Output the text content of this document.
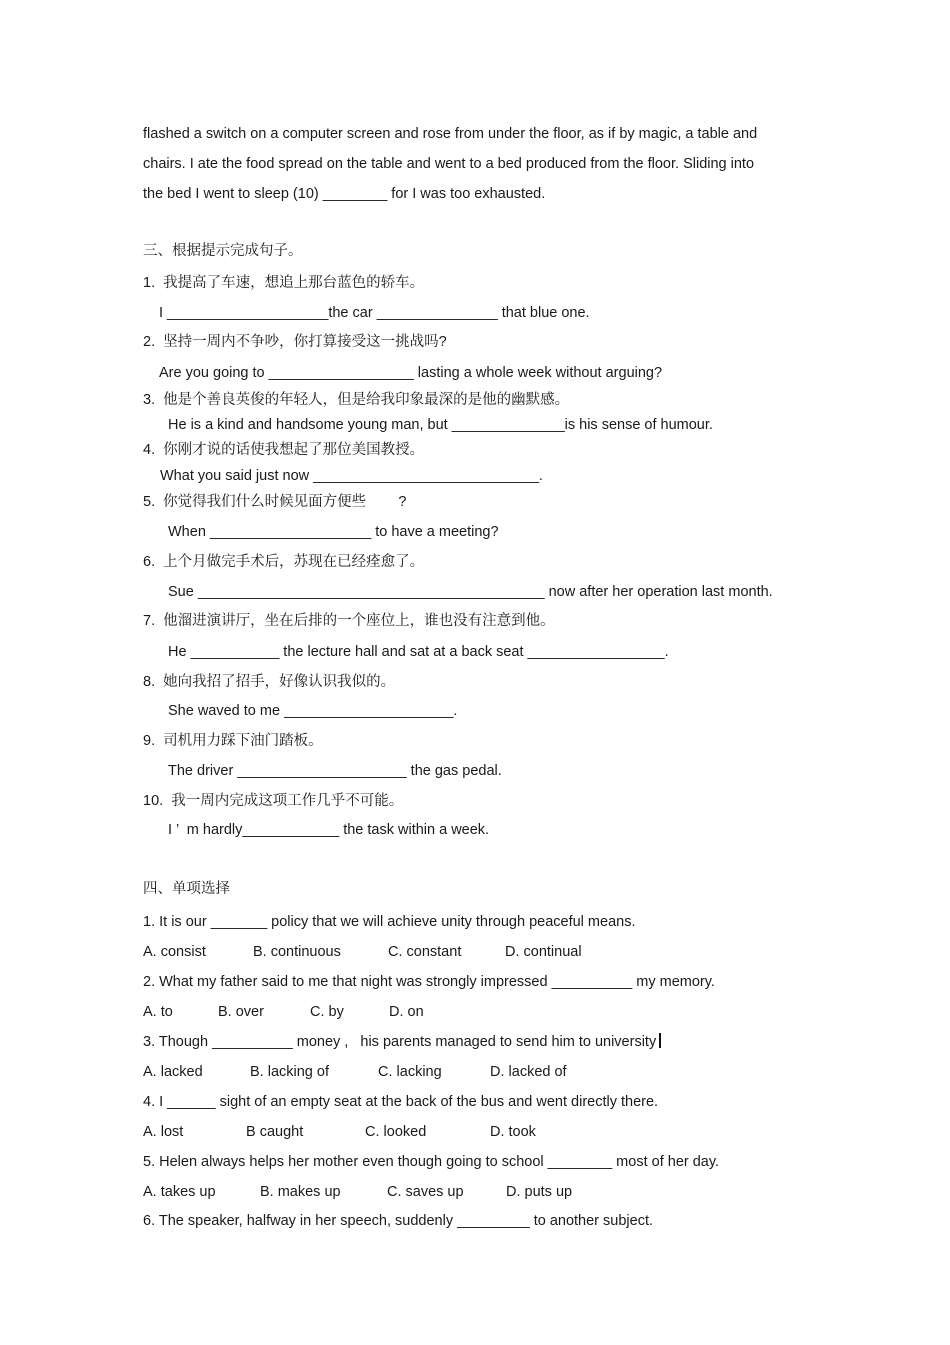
flashed a switch on a computer screen and rose from under the floor, as if by magic, a table and
chairs. I ate the food spread on the table and went to a bed produced from the floor. Sliding into
the bed I went to sleep (10) ________ for I was too exhausted.
三、根据提示完成句子。
1.  我提高了车速，想追上那台蓝色的轿车。
I ____________________the car _______________ that blue one.
2.  坚持一周内不争吵，你打算接受这一挑战吗?
Are you going to __________________ lasting a whole week without arguing?
3.  他是个善良英俊的年轻人，但是给我印象最深的是他的幽默感。
He is a kind and handsome young man, but ______________is his sense of humour.
4.  你刚才说的话使我想起了那位美国教授。
What you said just now ____________________________.
5.  你觉得我们什么时候见面方便些        ?
When ____________________ to have a meeting?
6.  上个月做完手术后，苏现在已经痊愈了。
Sue ___________________________________________ now after her operation last month.
7.  他溜进演讲厅，坐在后排的一个座位上，谁也没有注意到他。
He ___________ the lecture hall and sat at a back seat _________________.
8.  她向我招了招手，好像认识我似的。
She waved to me _____________________.
9.  司机用力踩下油门踏板。
The driver _____________________ the gas pedal.
10.  我一周内完成这项工作几乎不可能。
I ’  m hardly____________ the task within a week.
四、单项选择
1. It is our _______ policy that we will achieve unity through peaceful means.
A. consist	B. continuous	C. constant	D. continual
2. What my father said to me that night was strongly impressed __________ my memory.
A. to	B. over	C. by	D. on
3. Though __________ money ,   his parents managed to send him to university
A. lacked	B. lacking of	C. lacking	D. lacked of
4. I ______ sight of an empty seat at the back of the bus and went directly there.
A. lost	B caught	C. looked	D. took
5. Helen always helps her mother even though going to school ________ most of her day.
A. takes up	B. makes up	C. saves up	D. puts up
6. The speaker, halfway in her speech, suddenly _________ to another subject.
